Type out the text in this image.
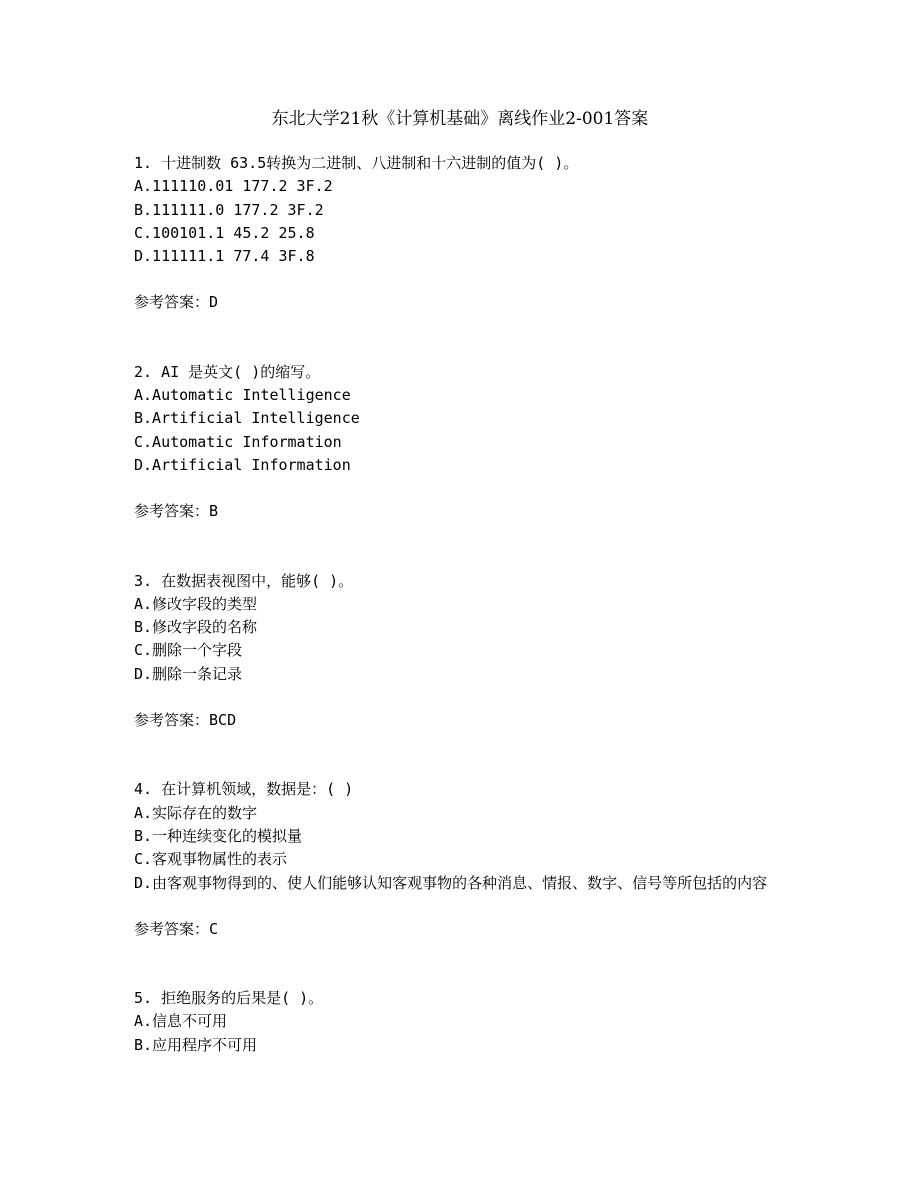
东北大学21秋《计算机基础》离线作业2-001答案

1. 十进制数 63.5转换为二进制、八进制和十六进制的值为( )。

A.111110.01 177.2 3F.2

B.111111.0 177.2 3F.2

C.100101.1 45.2 25.8

D.111111.1 77.4 3F.8

参考答案：D

2. AI 是英文( )的缩写。

A.Automatic Intelligence

B.Artificial Intelligence

C.Automatic Information

D.Artificial Information

参考答案：B

3. 在数据表视图中，能够( )。

A.修改字段的类型

B.修改字段的名称

C.删除一个字段

D.删除一条记录

参考答案：BCD

4. 在计算机领域，数据是：( )

A.实际存在的数字

B.一种连续变化的模拟量

C.客观事物属性的表示

D.由客观事物得到的、使人们能够认知客观事物的各种消息、情报、数字、信号等所包括的内容

参考答案：C

5. 拒绝服务的后果是( )。

A.信息不可用

B.应用程序不可用
